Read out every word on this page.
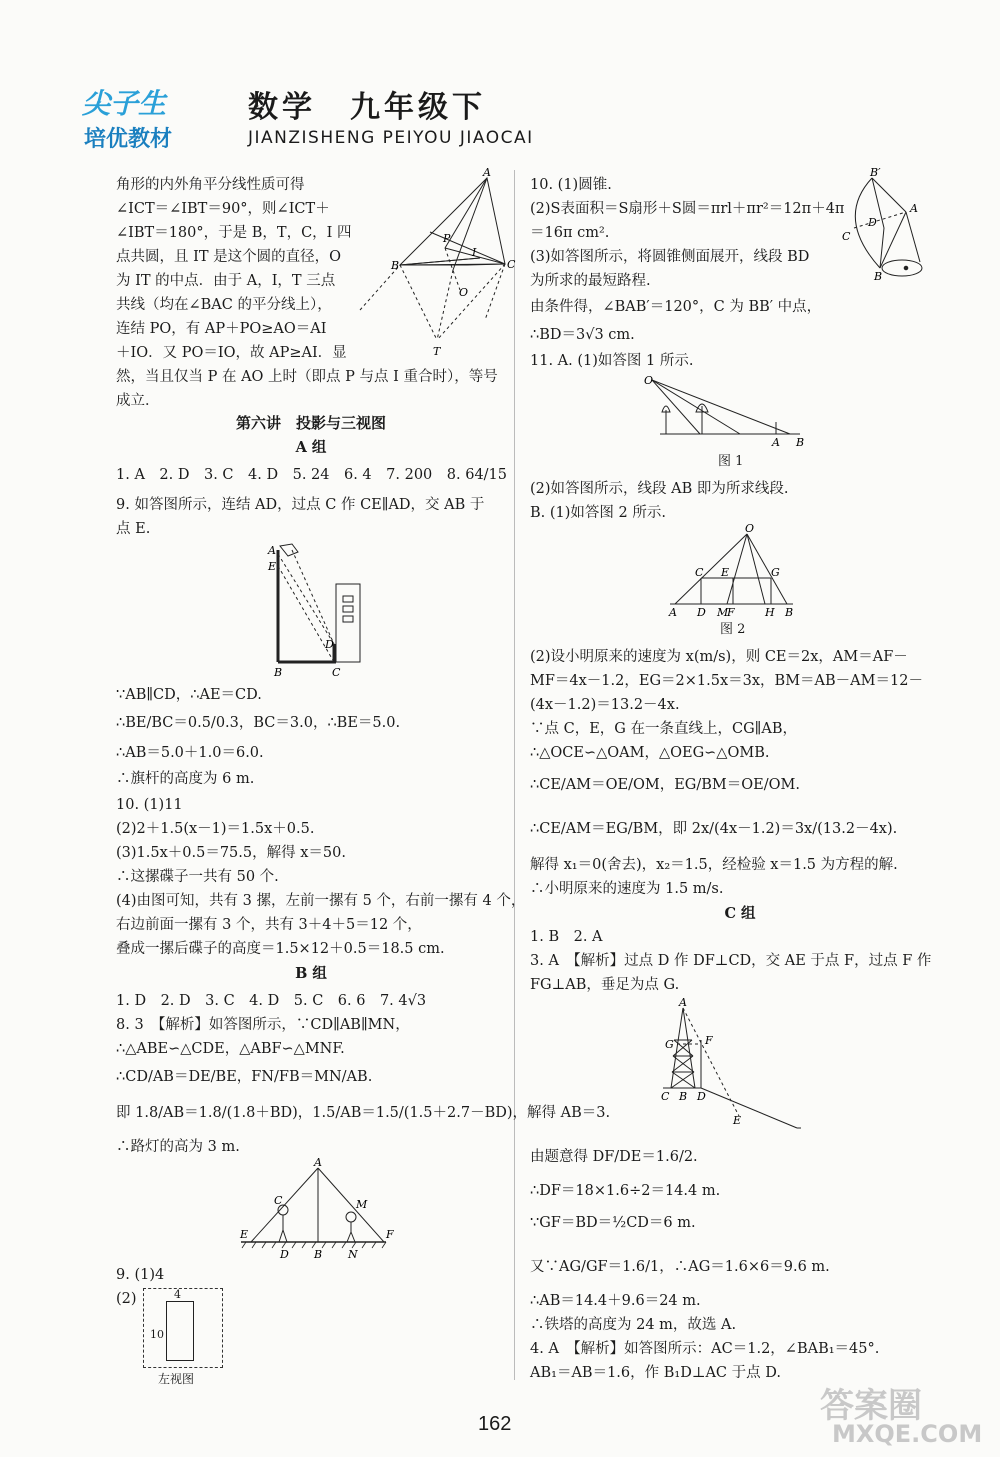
尖子生
培优教材
数学　九年级下
JIANZISHENG PEIYOU JIAOCAI
角形的内外角平分线性质可得
∠ICT＝∠IBT＝90°，则∠ICT＋
∠IBT＝180°，于是 B，T，C，I 四
点共圆，且 IT 是这个圆的直径，O
为 IT 的中点．由于 A，I，T 三点
共线（均在∠BAC 的平分线上），
连结 PO，有 AP＋PO≥AO＝AI
＋IO．又 PO＝IO，故 AP≥AI．显
然，当且仅当 P 在 AO 上时（即点 P 与点 I 重合时），等号
成立．
A
B	C
P
I
O
T
第六讲　投影与三视图
A 组
1. A　2. D　3. C　4. D　5. 24　6. 4　7. 200　8. 64/15
9. 如答图所示，连结 AD，过点 C 作 CE∥AD，交 AB 于
点 E.
A
E
B	C
D
∵AB∥CD，∴AE＝CD.
∴BE/BC＝0.5/0.3，BC＝3.0，∴BE＝5.0.
∴AB＝5.0＋1.0＝6.0.
∴旗杆的高度为 6 m.
10. (1)11
(2)2＋1.5(x－1)＝1.5x＋0.5.
(3)1.5x＋0.5＝75.5，解得 x＝50.
∴这摞碟子一共有 50 个.
(4)由图可知，共有 3 摞，左前一摞有 5 个，右前一摞有 4 个，
右边前面一摞有 3 个，共有 3＋4＋5＝12 个，
叠成一摞后碟子的高度＝1.5×12＋0.5＝18.5 cm.
B 组
1. D　2. D　3. C　4. D　5. C　6. 6　7. 4√3
8. 3　【解析】如答图所示，∵CD∥AB∥MN，
∴△ABE∽△CDE，△ABF∽△MNF.
∴CD/AB＝DE/BE，FN/FB＝MN/AB.
即 1.8/AB＝1.8/(1.8＋BD)，1.5/AB＝1.5/(1.5＋2.7－BD)，解得 AB＝3.
∴路灯的高为 3 m.
A
C	M
E
D B N
F
9. (1)4
(2)	4
10
左视图
10. (1)圆锥.
(2)S表面积＝S扇形＋S圆＝πrl＋πr²＝12π＋4π
＝16π cm².
(3)如答图所示，将圆锥侧面展开，线段 BD
为所求的最短路程.
由条件得，∠BAB′＝120°，C 为 BB′ 中点，
∴BD＝3√3 cm.
B′
A
D
C
B
11. A. (1)如答图 1 所示.
O
A B
图 1
(2)如答图所示，线段 AB 即为所求线段.
B. (1)如答图 2 所示.
O
C E	G
A D M
F	H B
图 2
(2)设小明原来的速度为 x(m/s)，则 CE＝2x，AM＝AF－
MF＝4x－1.2，EG＝2×1.5x＝3x，BM＝AB－AM＝12－
(4x－1.2)＝13.2－4x.
∵点 C，E，G 在一条直线上，CG∥AB，
∴△OCE∽△OAM，△OEG∽△OMB.
∴CE/AM＝OE/OM，EG/BM＝OE/OM.
∴CE/AM＝EG/BM，即 2x/(4x－1.2)＝3x/(13.2－4x).
解得 x₁＝0(舍去)，x₂＝1.5，经检验 x＝1.5 为方程的解.
∴小明原来的速度为 1.5 m/s.
C 组
1. B　2. A
3. A　【解析】过点 D 作 DF⊥CD，交 AE 于点 F，过点 F 作
FG⊥AB，垂足为点 G.
A
G	F
C B D
E
由题意得 DF/DE＝1.6/2.
∴DF＝18×1.6÷2＝14.4 m.
∵GF＝BD＝½CD＝6 m.
又∵AG/GF＝1.6/1，∴AG＝1.6×6＝9.6 m.
∴AB＝14.4＋9.6＝24 m.
∴铁塔的高度为 24 m，故选 A.
4. A　【解析】如答图所示：AC＝1.2，∠BAB₁＝45°.
AB₁＝AB＝1.6，作 B₁D⊥AC 于点 D.
162	答案圈
MXQE.COM
